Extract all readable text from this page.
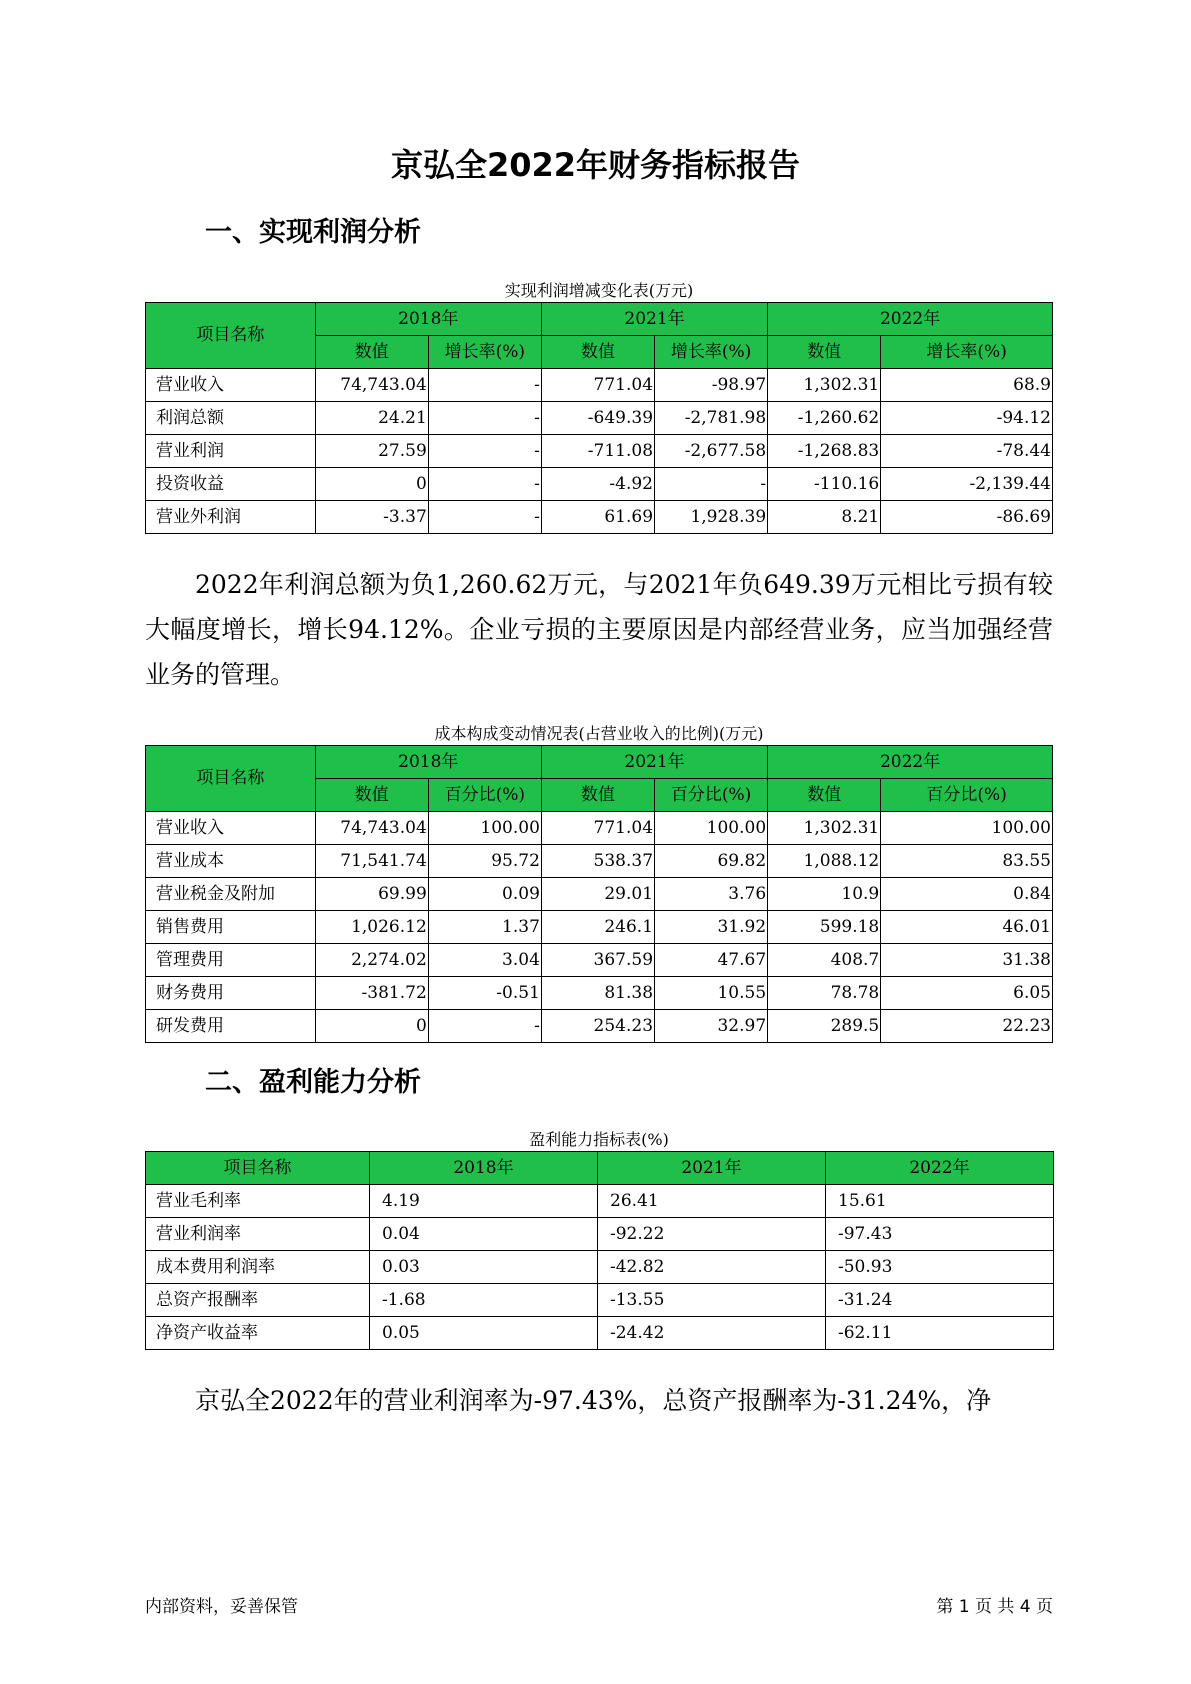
京弘全2022年财务指标报告
一、实现利润分析
实现利润增减变化表(万元)
项目名称	2018年		2021年		2022年	
	数值	增长率(%)	数值	增长率(%)	数值	增长率(%)
营业收入	74,743.04	-	771.04	-98.97	1,302.31	68.9
利润总额	24.21	-	-649.39	-2,781.98	-1,260.62	-94.12
营业利润	27.59	-	-711.08	-2,677.58	-1,268.83	-78.44
投资收益	0	-	-4.92	-	-110.16	-2,139.44
营业外利润	-3.37	-	61.69	1,928.39	8.21	-86.69
2022年利润总额为负1,260.62万元，与2021年负649.39万元相比亏损有较大幅度增长，增长94.12%。企业亏损的主要原因是内部经营业务，应当加强经营业务的管理。
成本构成变动情况表(占营业收入的比例)(万元)
项目名称	2018年		2021年		2022年	
	数值	百分比(%)	数值	百分比(%)	数值	百分比(%)
营业收入	74,743.04	100.00	771.04	100.00	1,302.31	100.00
营业成本	71,541.74	95.72	538.37	69.82	1,088.12	83.55
营业税金及附加	69.99	0.09	29.01	3.76	10.9	0.84
销售费用	1,026.12	1.37	246.1	31.92	599.18	46.01
管理费用	2,274.02	3.04	367.59	47.67	408.7	31.38
财务费用	-381.72	-0.51	81.38	10.55	78.78	6.05
研发费用	0	-	254.23	32.97	289.5	22.23
二、盈利能力分析
盈利能力指标表(%)
项目名称	2018年	2021年	2022年
营业毛利率	4.19	26.41	15.61
营业利润率	0.04	-92.22	-97.43
成本费用利润率	0.03	-42.82	-50.93
总资产报酬率	-1.68	-13.55	-31.24
净资产收益率	0.05	-24.42	-62.11
京弘全2022年的营业利润率为-97.43%，总资产报酬率为-31.24%，净
内部资料，妥善保管	第 1 页 共 4 页
